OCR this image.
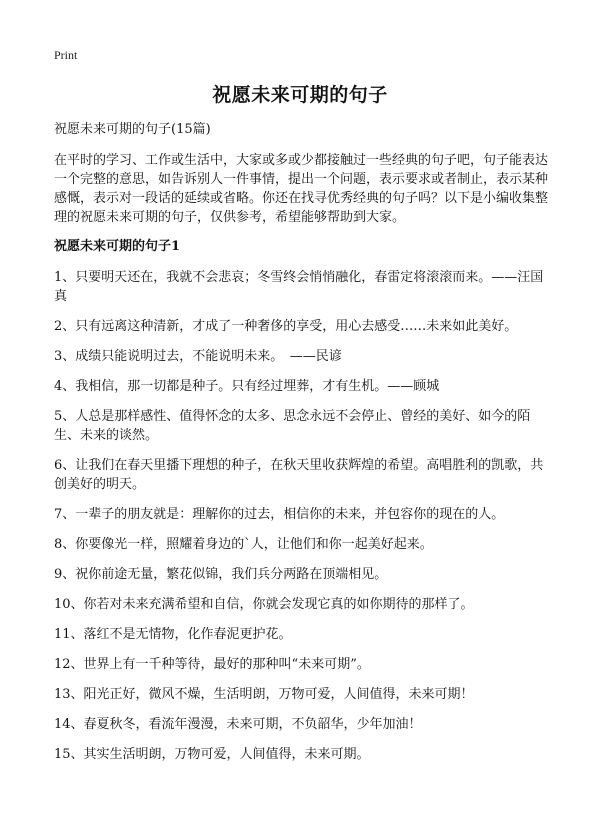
Print
祝愿未来可期的句子

祝愿未来可期的句子(15篇)

在平时的学习、工作或生活中，大家或多或少都接触过一些经典的句子吧，句子能表达一个完整的意思，如告诉别人一件事情，提出一个问题，表示要求或者制止，表示某种感慨，表示对一段话的延续或省略。你还在找寻优秀经典的句子吗？以下是小编收集整理的祝愿未来可期的句子，仅供参考，希望能够帮助到大家。

祝愿未来可期的句子1

1、只要明天还在，我就不会悲哀；冬雪终会悄悄融化，春雷定将滚滚而来。——汪国真
2、只有远离这种清新，才成了一种奢侈的享受，用心去感受……未来如此美好。
3、成绩只能说明过去，不能说明未来。　——民谚
4、我相信，那一切都是种子。只有经过埋葬，才有生机。——顾城
5、人总是那样感性、值得怀念的太多、思念永远不会停止、曾经的美好、如今的陌生、未来的谈然。
6、让我们在春天里播下理想的种子，在秋天里收获辉煌的希望。高唱胜利的凯歌，共创美好的明天。
7、一辈子的朋友就是：理解你的过去，相信你的未来，并包容你的现在的人。
8、你要像光一样，照耀着身边的`人，让他们和你一起美好起来。
9、祝你前途无量，繁花似锦，我们兵分两路在顶端相见。
10、你若对未来充满希望和自信，你就会发现它真的如你期待的那样了。
11、落红不是无情物，化作春泥更护花。
12、世界上有一千种等待，最好的那种叫“未来可期”。
13、阳光正好，微风不燥，生活明朗，万物可爱，人间值得，未来可期！
14、春夏秋冬，看流年漫漫，未来可期，不负韶华，少年加油！
15、其实生活明朗，万物可爱，人间值得，未来可期。
